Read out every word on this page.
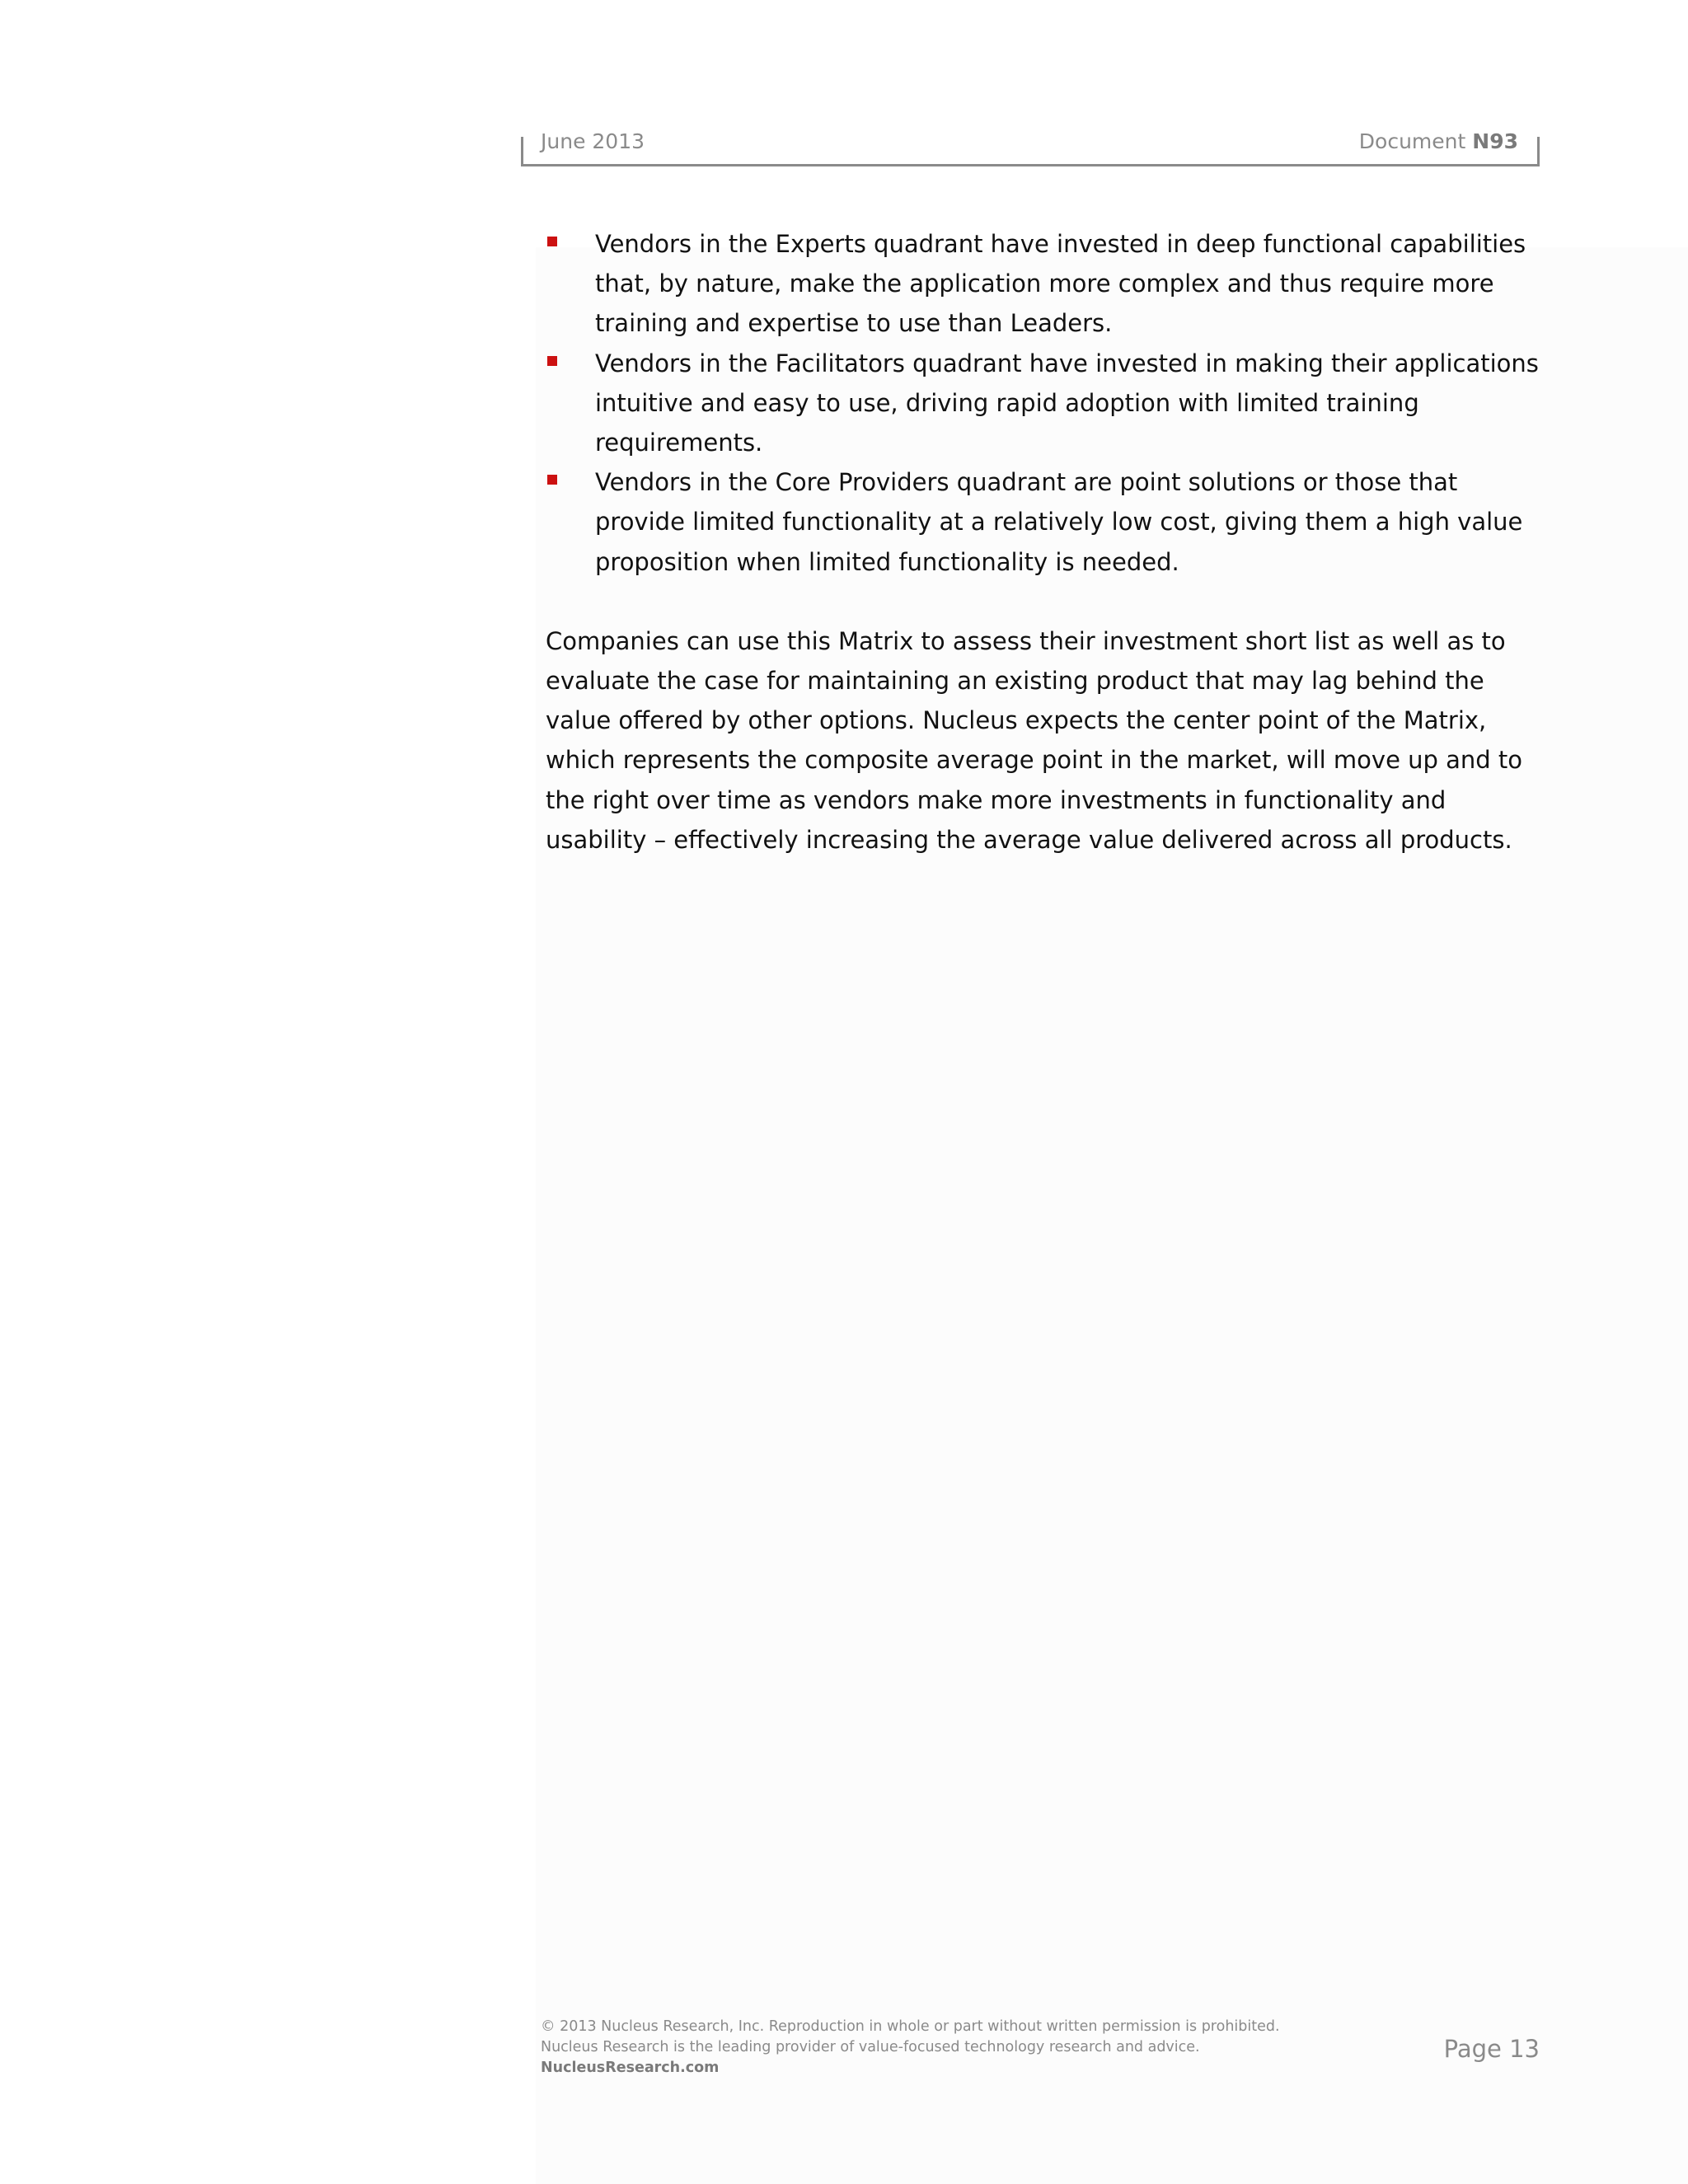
June 2013	Document N93
Vendors in the Experts quadrant have invested in deep functional capabilities that, by nature, make the application more complex and thus require more training and expertise to use than Leaders.
Vendors in the Facilitators quadrant have invested in making their applications intuitive and easy to use, driving rapid adoption with limited training requirements.
Vendors in the Core Providers quadrant are point solutions or those that provide limited functionality at a relatively low cost, giving them a high value proposition when limited functionality is needed.

Companies can use this Matrix to assess their investment short list as well as to evaluate the case for maintaining an existing product that may lag behind the value offered by other options. Nucleus expects the center point of the Matrix, which represents the composite average point in the market, will move up and to the right over time as vendors make more investments in functionality and usability – effectively increasing the average value delivered across all products.

© 2013 Nucleus Research, Inc. Reproduction in whole or part without written permission is prohibited.
Nucleus Research is the leading provider of value-focused technology research and advice.
NucleusResearch.com
Page 13
